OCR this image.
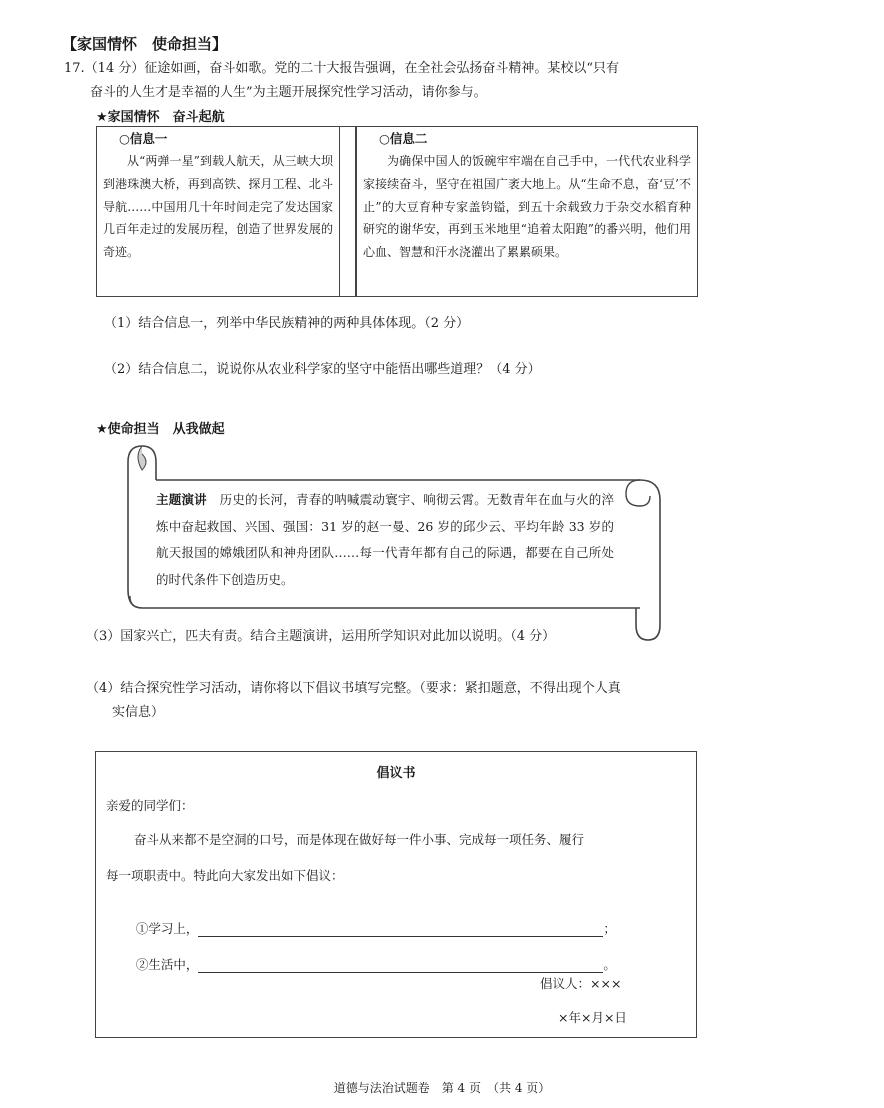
【家国情怀　使命担当】
17.（14 分）征途如画，奋斗如歌。党的二十大报告强调，在全社会弘扬奋斗精神。某校以“只有
奋斗的人生才是幸福的人生”为主题开展探究性学习活动，请你参与。
★家国情怀　奋斗起航
○信息一
从“两弹一星”到载人航天，从三峡大坝到港珠澳大桥，再到高铁、探月工程、北斗导航……中国用几十年时间走完了发达国家几百年走过的发展历程，创造了世界发展的奇迹。
○信息二
为确保中国人的饭碗牢牢端在自己手中，一代代农业科学家接续奋斗，坚守在祖国广袤大地上。从“生命不息，奋‘豆’不止”的大豆育种专家盖钧镒，到五十余载致力于杂交水稻育种研究的谢华安，再到玉米地里“追着太阳跑”的番兴明，他们用心血、智慧和汗水浇灌出了累累硕果。
（1）结合信息一，列举中华民族精神的两种具体体现。（2 分）
（2）结合信息二，说说你从农业科学家的坚守中能悟出哪些道理？（4 分）
★使命担当　从我做起
主题演讲  历史的长河，青春的呐喊震动寰宇、响彻云霄。无数青年在血与火的淬炼中奋起救国、兴国、强国：31 岁的赵一曼、26 岁的邱少云、平均年龄 33 岁的航天报国的嫦娥团队和神舟团队……每一代青年都有自己的际遇，都要在自己所处的时代条件下创造历史。
（3）国家兴亡，匹夫有责。结合主题演讲，运用所学知识对此加以说明。（4 分）
（4）结合探究性学习活动，请你将以下倡议书填写完整。（要求：紧扣题意，不得出现个人真
实信息）
倡议书
亲爱的同学们：
奋斗从来都不是空洞的口号，而是体现在做好每一件小事、完成每一项任务、履行
每一项职责中。特此向大家发出如下倡议：

①学习上，	；

②生活中，	。

倡议人：×××
×年×月×日
道德与法治试题卷　第 4 页　（共 4 页）
